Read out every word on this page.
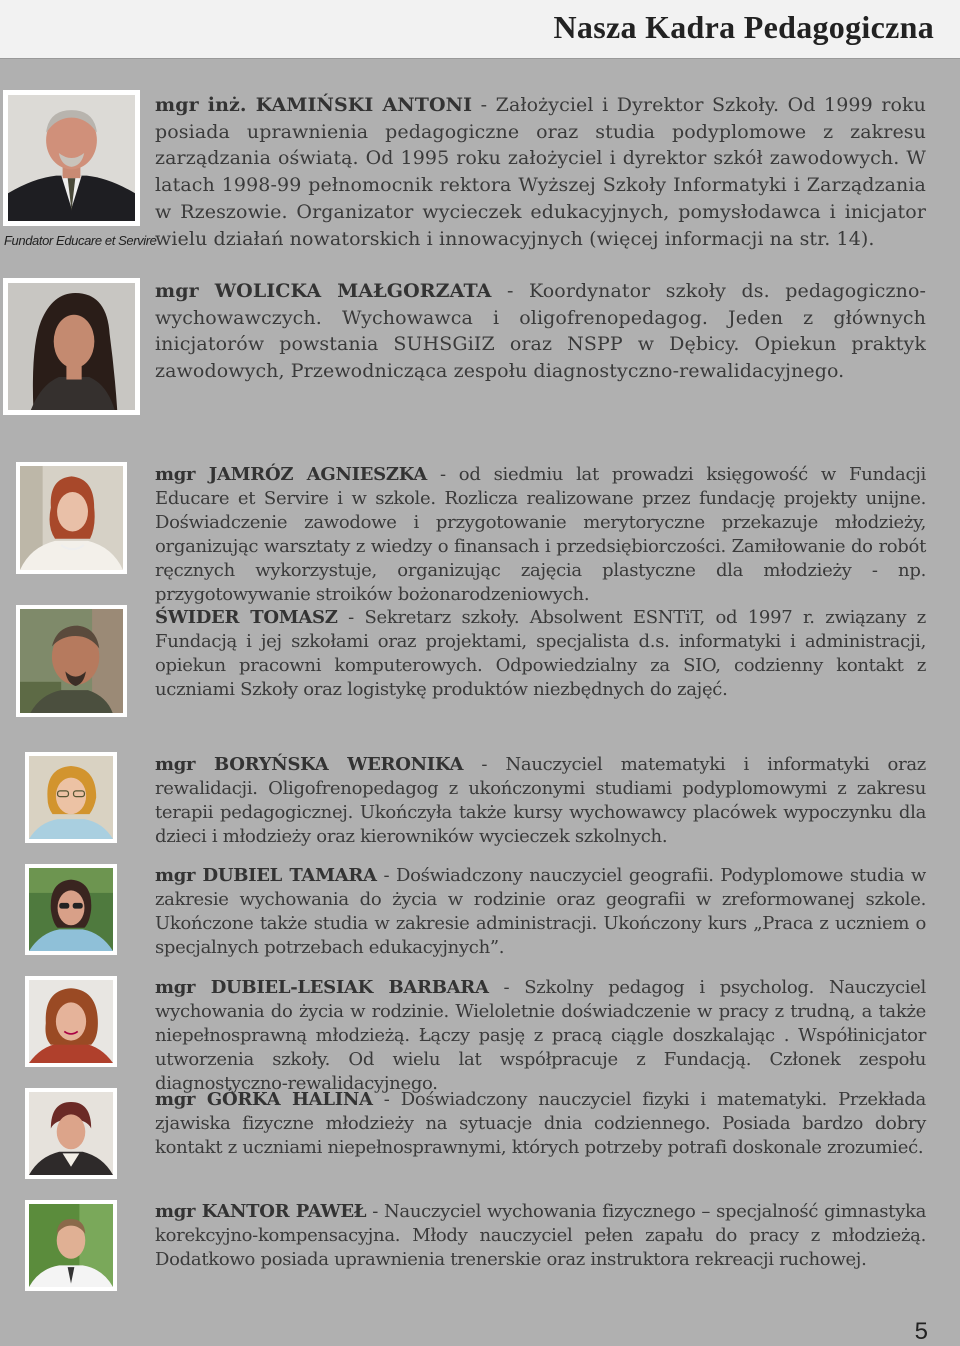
Nasza Kadra Pedagogiczna
Fundator Educare et Servire
mgr inż. KAMIŃSKI ANTONI - Założyciel i Dyrektor Szkoły. Od 1999 roku posiada uprawnienia pedagogiczne oraz studia podyplomowe z zakresu zarządzania oświatą. Od 1995 roku założyciel i dyrektor szkół zawodowych. W latach 1998-99 pełnomocnik rektora Wyższej Szkoły Informatyki i Zarządzania w Rzeszowie. Organizator wycieczek edukacyjnych, pomysłodawca i inicjator wielu działań nowatorskich i innowacyjnych (więcej informacji na str. 14).
mgr WOLICKA MAŁGORZATA - Koordynator szkoły ds. pedagogiczno-wychowawczych. Wychowawca i oligofrenopedagog. Jeden z głównych inicjatorów powstania SUHSGiIZ oraz NSPP w Dębicy. Opiekun praktyk zawodowych, Przewodnicząca zespołu diagnostyczno-rewalidacyjnego.
mgr JAMRÓZ AGNIESZKA - od siedmiu lat prowadzi księgowość w Fundacji Educare et Servire i w szkole. Rozlicza realizowane przez fundację projekty unijne. Doświadczenie zawodowe i przygotowanie merytoryczne przekazuje młodzieży, organizując warsztaty z wiedzy o finansach i przedsiębiorczości. Zamiłowanie do robót ręcznych wykorzystuje, organizując zajęcia plastyczne dla młodzieży - np. przygotowywanie stroików bożonarodzeniowych.
ŚWIDER TOMASZ - Sekretarz szkoły. Absolwent ESNTiT, od 1997 r. związany z Fundacją i jej szkołami oraz projektami, specjalista d.s. informatyki i administracji, opiekun pracowni komputerowych. Odpowiedzialny za SIO, codzienny kontakt z uczniami Szkoły oraz logistykę produktów niezbędnych do zajęć.
mgr BORYŃSKA WERONIKA - Nauczyciel matematyki i informatyki oraz rewalidacji. Oligofrenopedagog z ukończonymi studiami podyplomowymi z zakresu terapii pedagogicznej. Ukończyła także kursy wychowawcy placówek wypoczynku dla dzieci i młodzieży oraz kierowników wycieczek szkolnych.
mgr DUBIEL TAMARA - Doświadczony nauczyciel geografii. Podyplomowe studia w zakresie wychowania do życia w rodzinie oraz geografii w zreformowanej szkole. Ukończone także studia w zakresie administracji. Ukończony kurs „Praca z uczniem o specjalnych potrzebach edukacyjnych”.
mgr DUBIEL-LESIAK BARBARA - Szkolny pedagog i psycholog. Nauczyciel wychowania do życia w rodzinie. Wieloletnie doświadczenie w pracy z trudną, a także niepełnosprawną młodzieżą. Łączy pasję z pracą ciągle doszkalając . Współinicjator utworzenia szkoły. Od wielu lat współpracuje z Fundacją. Członek zespołu diagnostyczno-rewalidacyjnego.
mgr GÓRKA HALINA - Doświadczony nauczyciel fizyki i matematyki. Przekłada zjawiska fizyczne młodzieży na sytuacje dnia codziennego. Posiada bardzo dobry kontakt z uczniami niepełnosprawnymi, których potrzeby potrafi doskonale zrozumieć.
mgr KANTOR PAWEŁ - Nauczyciel wychowania fizycznego – specjalność gimnastyka korekcyjno-kompensacyjna. Młody nauczyciel pełen zapału do pracy z młodzieżą. Dodatkowo posiada uprawnienia trenerskie oraz instruktora rekreacji ruchowej.
5
